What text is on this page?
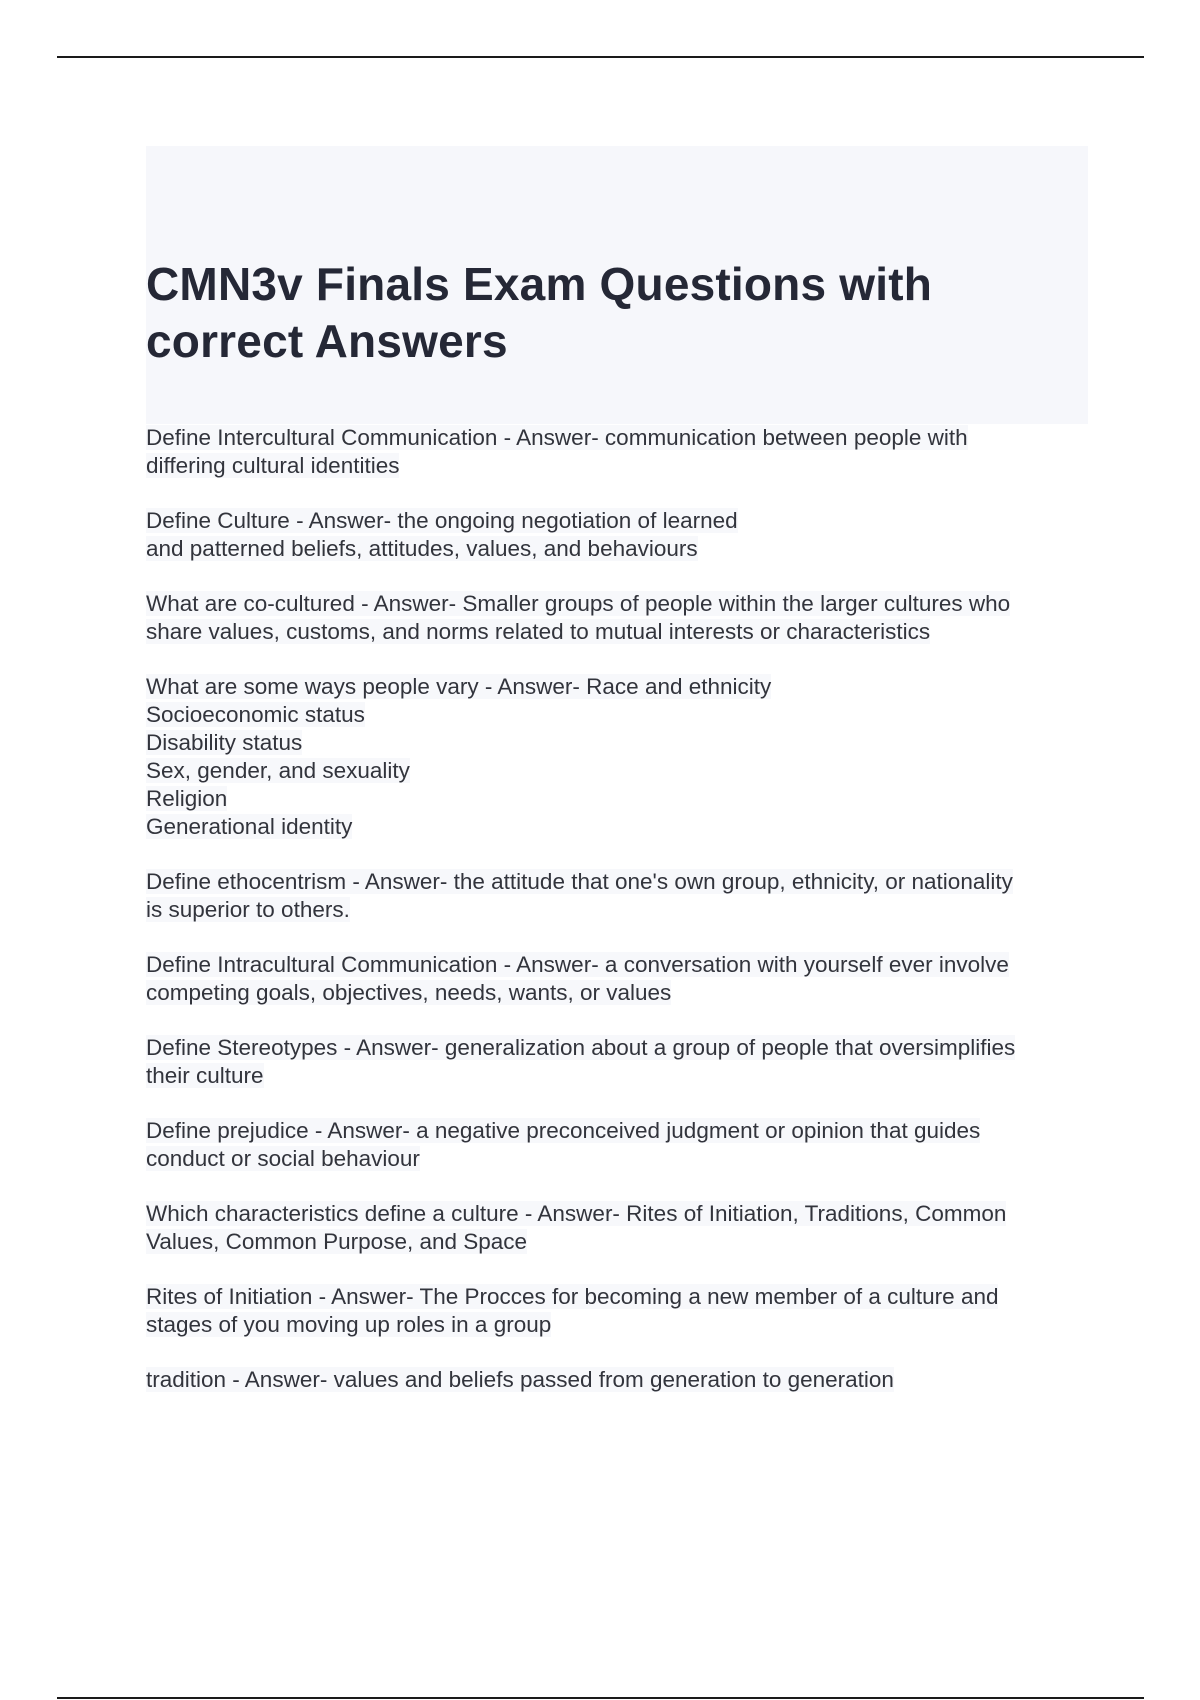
CMN3v Finals Exam Questions with
correct Answers
Define Intercultural Communication - Answer- communication between people with
differing cultural identities
Define Culture - Answer- the ongoing negotiation of learned
and patterned beliefs, attitudes, values, and behaviours
What are co-cultured - Answer- Smaller groups of people within the larger cultures who
share values, customs, and norms related to mutual interests or characteristics
What are some ways people vary - Answer- Race and ethnicity
Socioeconomic status
Disability status
Sex, gender, and sexuality
Religion
Generational identity
Define ethocentrism - Answer- the attitude that one's own group, ethnicity, or nationality
is superior to others.
Define Intracultural Communication - Answer- a conversation with yourself ever involve
competing goals, objectives, needs, wants, or values
Define Stereotypes - Answer- generalization about a group of people that oversimplifies
their culture
Define prejudice - Answer- a negative preconceived judgment or opinion that guides
conduct or social behaviour
Which characteristics define a culture - Answer- Rites of Initiation, Traditions, Common
Values, Common Purpose, and Space
Rites of Initiation - Answer- The Procces for becoming a new member of a culture and
stages of you moving up roles in a group
tradition - Answer- values and beliefs passed from generation to generation
